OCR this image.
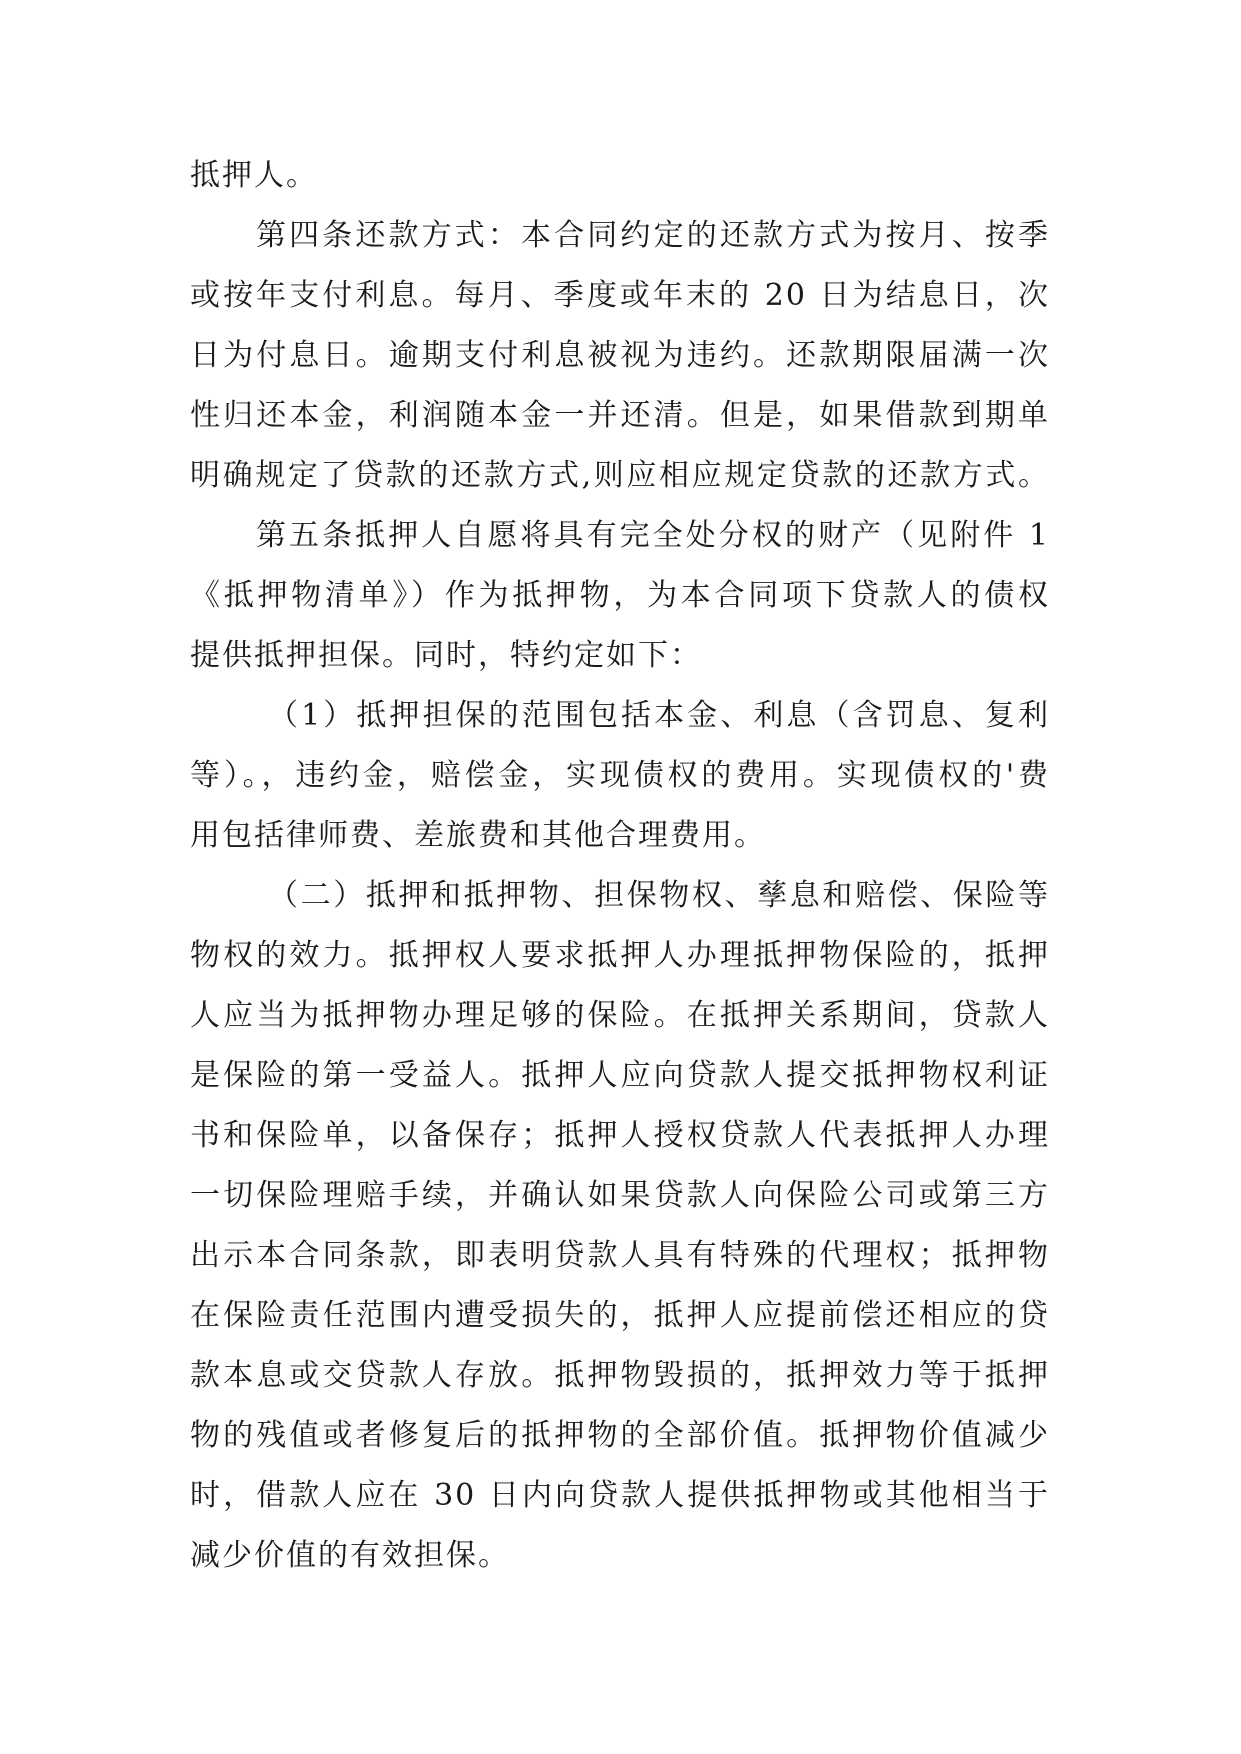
抵押人。
第四条还款方式：本合同约定的还款方式为按月、按季
或按年支付利息。每月、季度或年末的 20 日为结息日，次
日为付息日。逾期支付利息被视为违约。还款期限届满一次
性归还本金，利润随本金一并还清。但是，如果借款到期单
明确规定了贷款的还款方式,则应相应规定贷款的还款方式。
第五条抵押人自愿将具有完全处分权的财产（见附件 1
《抵押物清单》）作为抵押物，为本合同项下贷款人的债权
提供抵押担保。同时，特约定如下：
（1）抵押担保的范围包括本金、利息（含罚息、复利
等）。，违约金，赔偿金，实现债权的费用。实现债权的'费
用包括律师费、差旅费和其他合理费用。
（二）抵押和抵押物、担保物权、孳息和赔偿、保险等
物权的效力。抵押权人要求抵押人办理抵押物保险的，抵押
人应当为抵押物办理足够的保险。在抵押关系期间，贷款人
是保险的第一受益人。抵押人应向贷款人提交抵押物权利证
书和保险单，以备保存；抵押人授权贷款人代表抵押人办理
一切保险理赔手续，并确认如果贷款人向保险公司或第三方
出示本合同条款，即表明贷款人具有特殊的代理权；抵押物
在保险责任范围内遭受损失的，抵押人应提前偿还相应的贷
款本息或交贷款人存放。抵押物毁损的，抵押效力等于抵押
物的残值或者修复后的抵押物的全部价值。抵押物价值减少
时，借款人应在 30 日内向贷款人提供抵押物或其他相当于
减少价值的有效担保。
